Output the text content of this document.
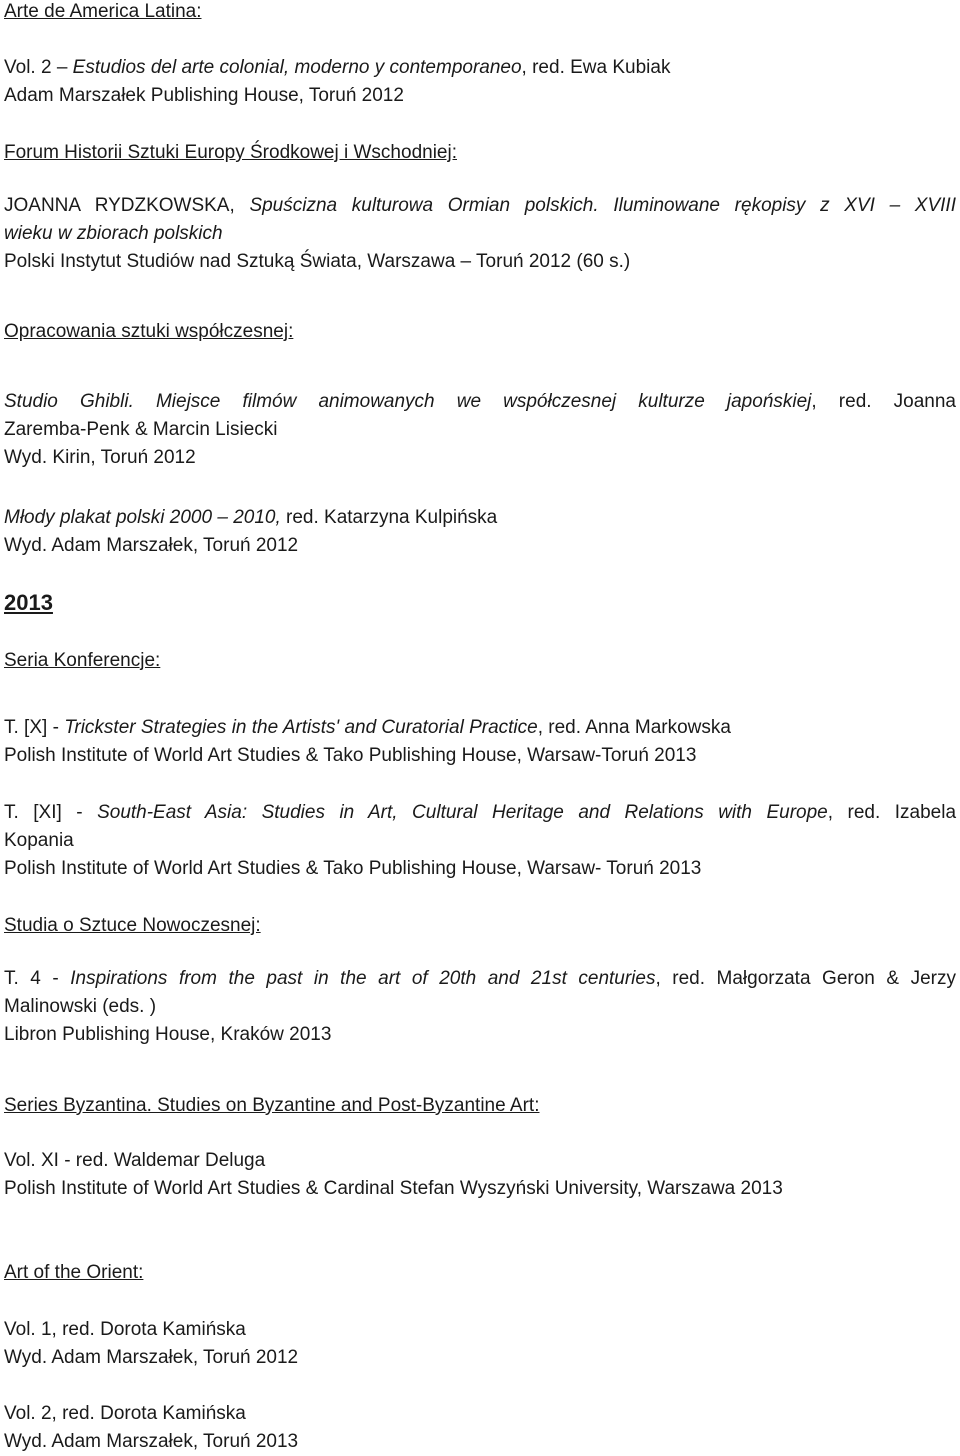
Arte de America Latina:
Vol. 2 – Estudios del arte colonial, moderno y contemporaneo, red. Ewa Kubiak
Adam Marszałek Publishing House, Toruń 2012
Forum Historii Sztuki Europy Środkowej i Wschodniej:
JOANNA RYDZKOWSKA, Spuścizna kulturowa Ormian polskich. Iluminowane rękopisy z XVI – XVIII
wieku w zbiorach polskich
Polski Instytut Studiów nad Sztuką Świata, Warszawa – Toruń 2012 (60 s.)
Opracowania sztuki współczesnej:
Studio Ghibli. Miejsce filmów animowanych we współczesnej kulturze japońskiej, red. Joanna
Zaremba-Penk & Marcin Lisiecki
Wyd. Kirin, Toruń 2012
Młody plakat polski 2000 – 2010, red. Katarzyna Kulpińska
Wyd. Adam Marszałek, Toruń 2012
2013
Seria Konferencje:
T. [X] - Trickster Strategies in the Artists' and Curatorial Practice, red. Anna Markowska
Polish Institute of World Art Studies & Tako Publishing House, Warsaw-Toruń 2013
T. [XI] - South-East Asia: Studies in Art, Cultural Heritage and Relations with Europe, red. Izabela
Kopania
Polish Institute of World Art Studies & Tako Publishing House, Warsaw- Toruń 2013
Studia o Sztuce Nowoczesnej:
T. 4 - Inspirations from the past in the art of 20th and 21st centuries, red. Małgorzata Geron & Jerzy
Malinowski (eds. )
Libron Publishing House, Kraków 2013
Series Byzantina. Studies on Byzantine and Post-Byzantine Art:
Vol. XI - red. Waldemar Deluga
Polish Institute of World Art Studies & Cardinal Stefan Wyszyński University, Warszawa 2013
Art of the Orient:
Vol. 1, red. Dorota Kamińska
Wyd. Adam Marszałek, Toruń 2012
Vol. 2, red. Dorota Kamińska
Wyd. Adam Marszałek, Toruń 2013
